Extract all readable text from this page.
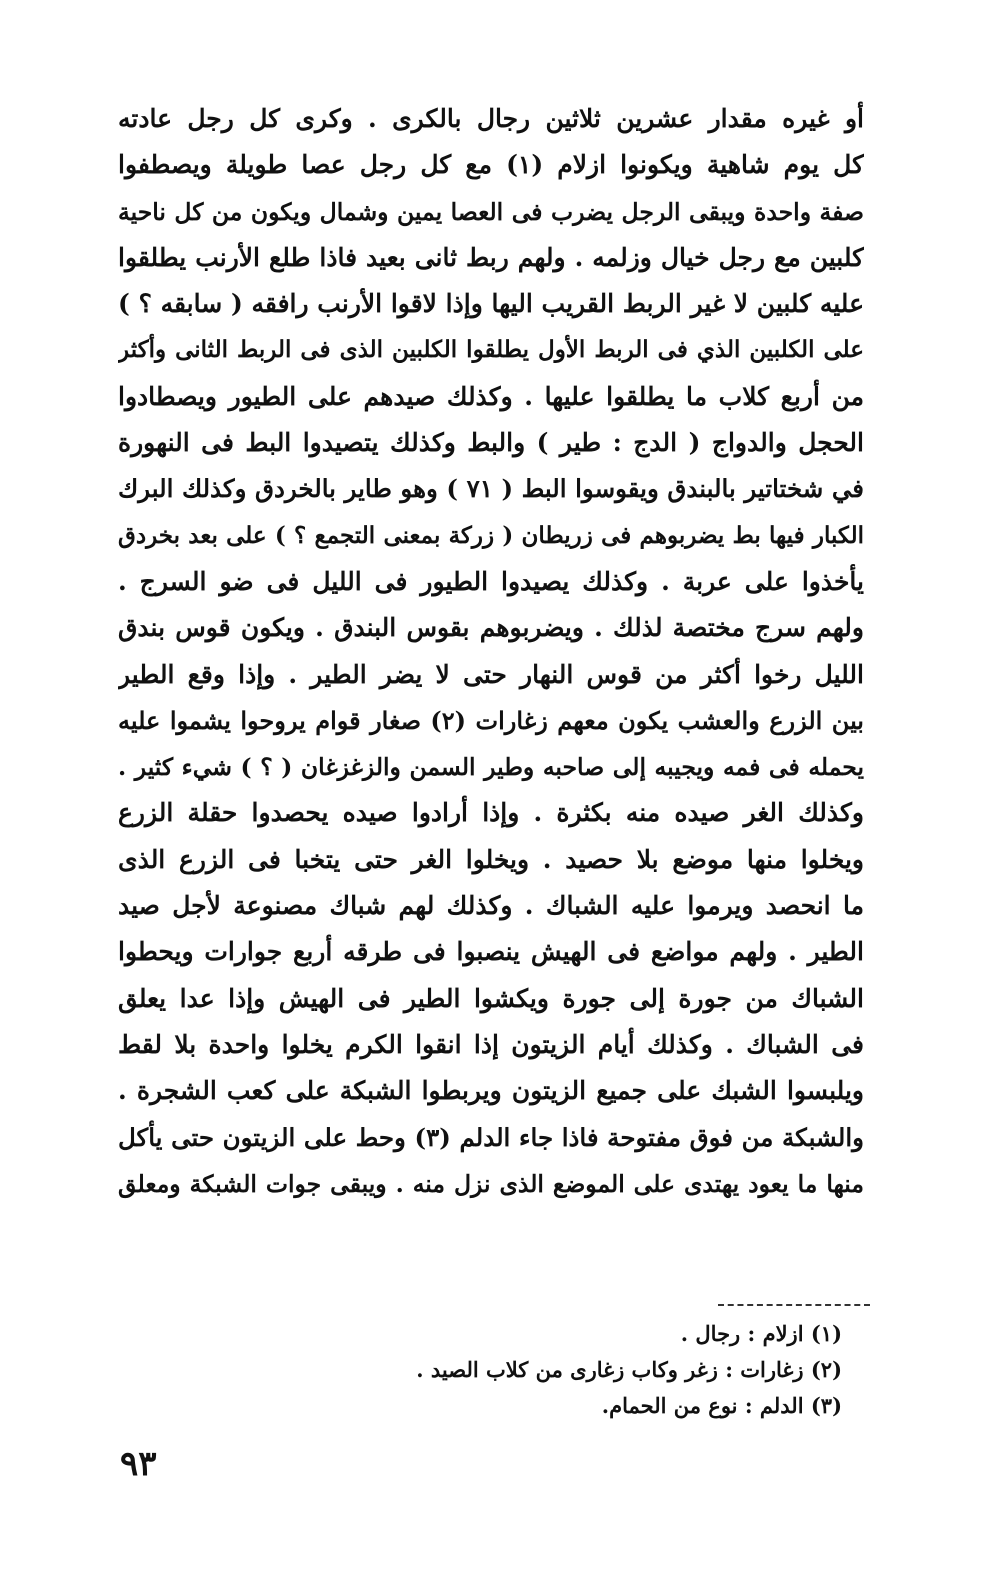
أو غيره مقدار عشرين ثلاثين رجال بالكرى . وكرى كل رجل عادته
كل يوم شاهية ويكونوا ازلام (١) مع كل رجل عصا طويلة ويصطفوا
صفة واحدة ويبقى الرجل يضرب فى العصا يمين وشمال ويكون من كل ناحية
كلبين مع رجل خيال وزلمه . ولهم ربط ثانى بعيد فاذا طلع الأرنب يطلقوا
عليه كلبين لا غير الربط القريب اليها وإذا لاقوا الأرنب رافقه ( سابقه ؟ )
على الكلبين الذي فى الربط الأول يطلقوا الكلبين الذى فى الربط الثانى وأكثر
من أربع كلاب ما يطلقوا عليها . وكذلك صيدهم على الطيور ويصطادوا
الحجل والدواج ( الدج : طير ) والبط وكذلك يتصيدوا البط فى النهورة
في شختاتير بالبندق ويقوسوا البط ( ٧١ ) وهو طاير بالخردق وكذلك البرك
الكبار فيها بط يضربوهم فى زريطان ( زركة بمعنى التجمع ؟ ) على بعد بخردق
يأخذوا على عربة . وكذلك يصيدوا الطيور فى الليل فى ضو السرج .
ولهم سرج مختصة لذلك . ويضربوهم بقوس البندق . ويكون قوس بندق
الليل رخوا أكثر من قوس النهار حتى لا يضر الطير . وإذا وقع الطير
بين الزرع والعشب يكون معهم زغارات (٢) صغار قوام يروحوا يشموا عليه
يحمله فى فمه ويجيبه إلى صاحبه وطير السمن والزغزغان ( ؟ ) شيء كثير .
وكذلك الغر صيده منه بكثرة . وإذا أرادوا صيده يحصدوا حقلة الزرع
ويخلوا منها موضع بلا حصيد . ويخلوا الغر حتى يتخبا فى الزرع الذى
ما انحصد ويرموا عليه الشباك . وكذلك لهم شباك مصنوعة لأجل صيد
الطير . ولهم مواضع فى الهيش ينصبوا فى طرقه أربع جوارات ويحطوا
الشباك من جورة إلى جورة ويكشوا الطير فى الهيش وإذا عدا يعلق
فى الشباك . وكذلك أيام الزيتون إذا انقوا الكرم يخلوا واحدة بلا لقط
ويلبسوا الشبك على جميع الزيتون ويربطوا الشبكة على كعب الشجرة .
والشبكة من فوق مفتوحة فاذا جاء الدلم (٣) وحط على الزيتون حتى يأكل
منها ما يعود يهتدى على الموضع الذى نزل منه . ويبقى جوات الشبكة ومعلق
(١) ازلام : رجال .
(٢) زغارات : زغر وكاب زغارى من كلاب الصيد .
(٣) الدلم : نوع من الحمام.
٩٣
